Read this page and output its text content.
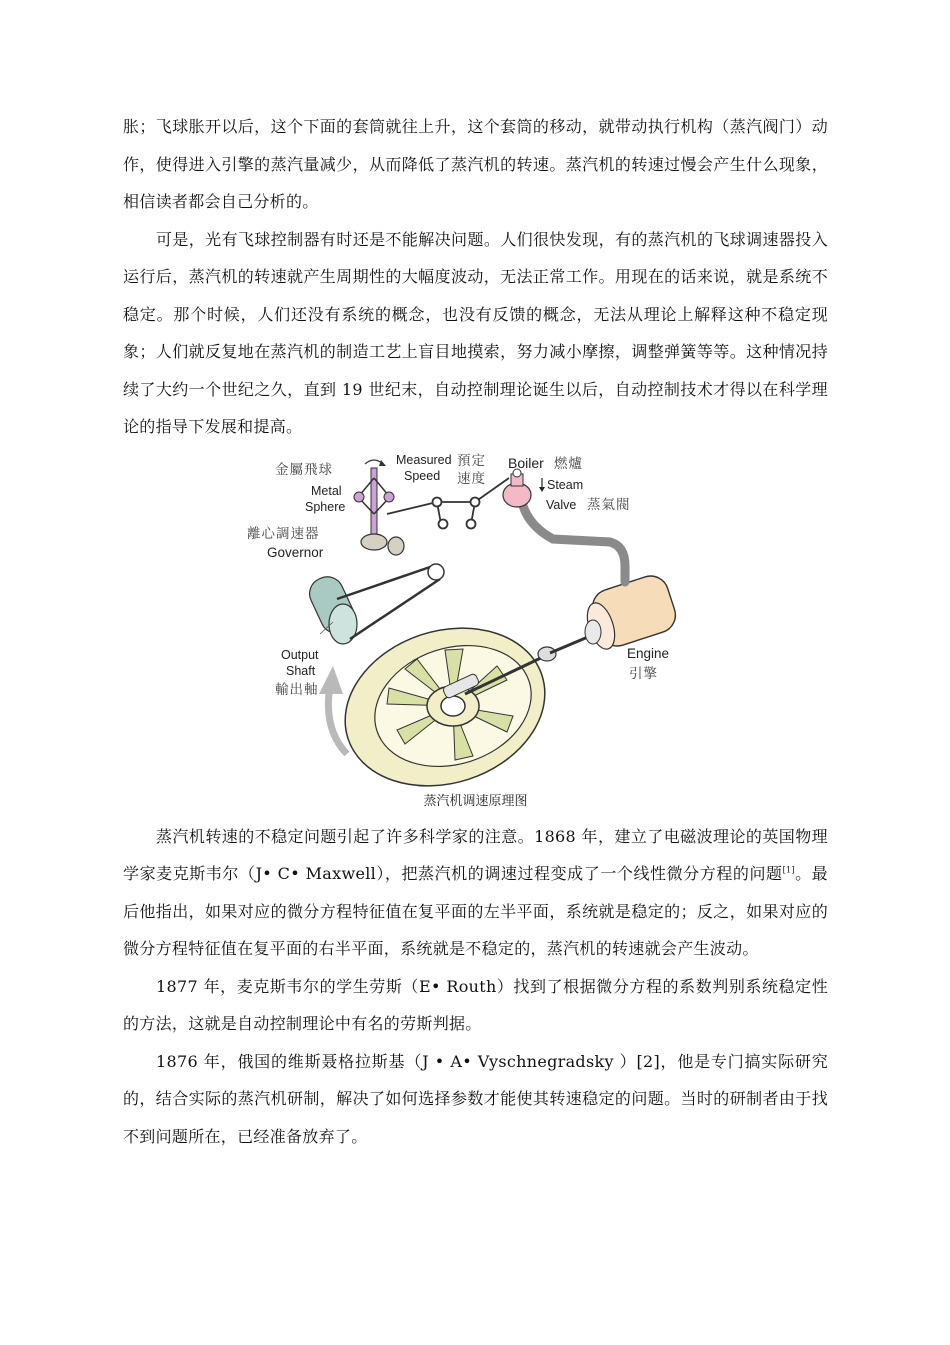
胀；飞球胀开以后，这个下面的套筒就往上升，这个套筒的移动，就带动执行机构（蒸汽阀门）动作，使得进入引擎的蒸汽量减少，从而降低了蒸汽机的转速。蒸汽机的转速过慢会产生什么现象，相信读者都会自己分析的。

可是，光有飞球控制器有时还是不能解决问题。人们很快发现，有的蒸汽机的飞球调速器投入运行后，蒸汽机的转速就产生周期性的大幅度波动，无法正常工作。用现在的话来说，就是系统不稳定。那个时候，人们还没有系统的概念，也没有反馈的概念，无法从理论上解释这种不稳定现象；人们就反复地在蒸汽机的制造工艺上盲目地摸索，努力减小摩擦，调整弹簧等等。这种情况持续了大约一个世纪之久，直到 19 世纪末，自动控制理论诞生以后，自动控制技术才得以在科学理论的指导下发展和提高。

金屬飛球
Metal
Sphere
Measured
Speed
預定
速度
Boiler 燃爐
Steam
Valve 蒸氣閥
離心調速器
Governor
Output
Shaft
輸出軸
Engine
引擎
蒸汽机调速原理图

蒸汽机转速的不稳定问题引起了许多科学家的注意。1868 年，建立了电磁波理论的英国物理学家麦克斯韦尔（J• C• Maxwell），把蒸汽机的调速过程变成了一个线性微分方程的问题[1]。最后他指出，如果对应的微分方程特征值在复平面的左半平面，系统就是稳定的；反之，如果对应的微分方程特征值在复平面的右半平面，系统就是不稳定的，蒸汽机的转速就会产生波动。

1877 年，麦克斯韦尔的学生劳斯（E• Routh）找到了根据微分方程的系数判别系统稳定性的方法，这就是自动控制理论中有名的劳斯判据。

1876 年，俄国的维斯聂格拉斯基（J • A• Vyschnegradsky ）[2]，他是专门搞实际研究的，结合实际的蒸汽机研制，解决了如何选择参数才能使其转速稳定的问题。当时的研制者由于找不到问题所在，已经准备放弃了。
